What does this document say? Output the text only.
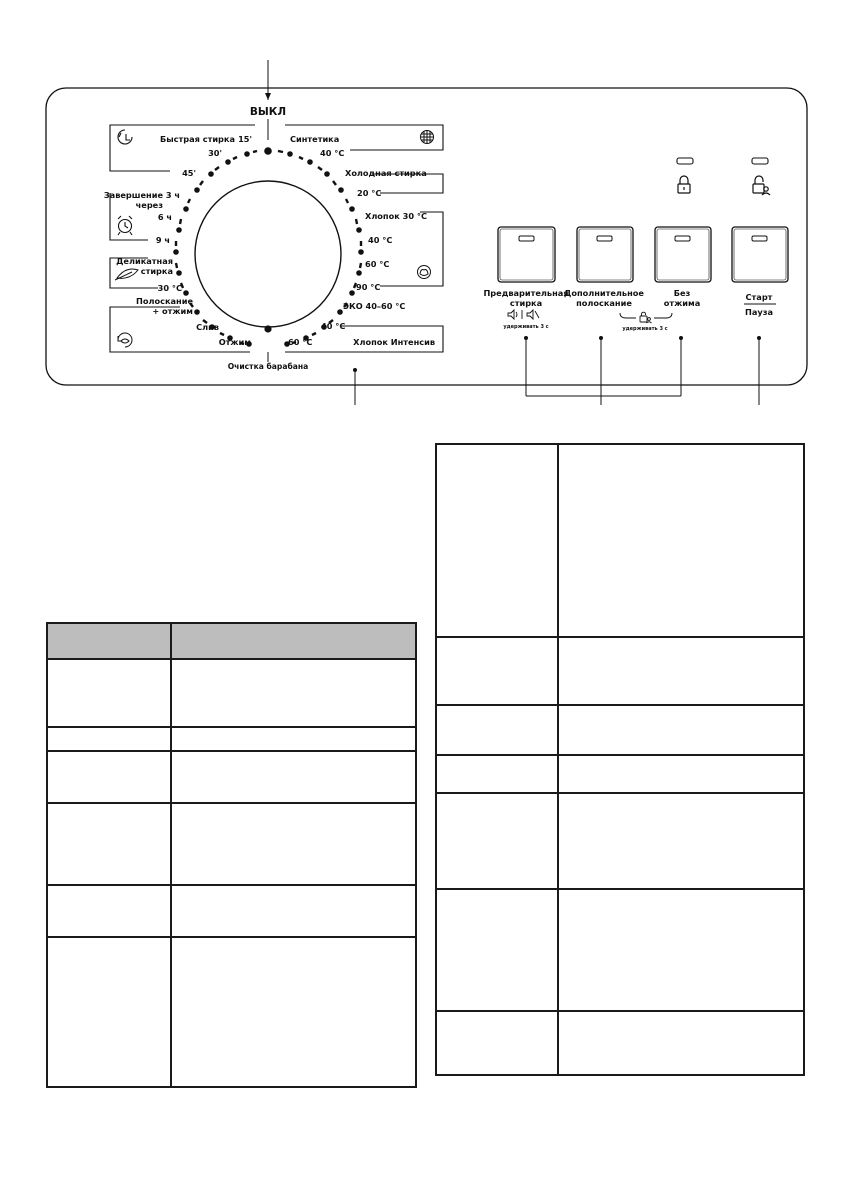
ВЫКЛ
Очистка барабана
Быстрая стирка 15'
30'
45'
Завершение 3 ч
через
6 ч
9 ч
Деликатная
стирка
30 °C
Полоскание
+ отжим
Слив
Отжим
Синтетика
40 °C
Холодная стирка
20 °C
Хлопок 30 °C
40 °C
60 °C
90 °C
ЭКО 40–60 °C
40 °C
60 °C	Хлопок Интенсив
Предварительная
стирка
удерживать 3 с
Дополнительное
полоскание
Без
отжима
удерживать 3 с
Старт
Пауза
